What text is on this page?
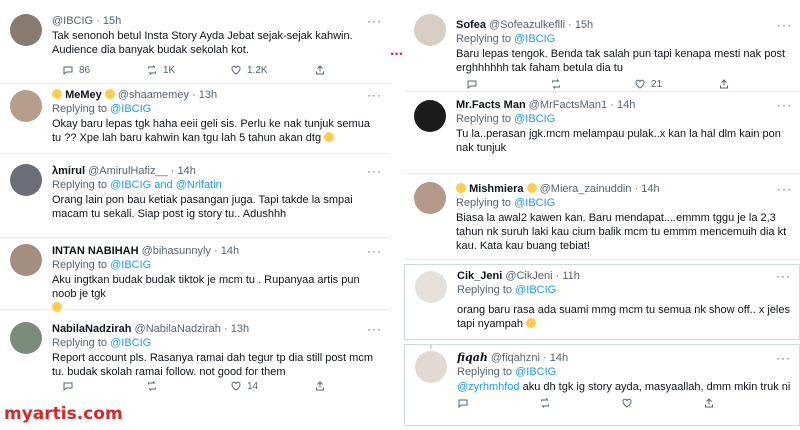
@IBCIG · 15h
Tak senonoh betul Insta Story Ayda Jebat sejak-sejak kahwin. Audience dia banyak budak sekolah kot.
···
86	1K	1.2K
MeMey @shaamemey · 13h
Replying to @IBCIG
Okay baru lepas tgk haha eeii geli sis. Perlu ke nak tunjuk semua tu ?? Xpe lah baru kahwin kan tgu lah 5 tahun akan dtg
···
λmirul @AmirulHafiz__ · 14h
Replying to @IBCIG and @Nrlfatin
Orang lain pon bau ketiak pasangan juga. Tapi takde la smpai macam tu sekali. Siap post ig story tu.. Adushhh
···
INTAN NABIHAH @bihasunnyly · 14h
Replying to @IBCIG
Aku ingtkan budak budak tiktok je mcm tu . Rupanyaa artis pun noob je tgk

···
NabilaNadzirah @NabilaNadzirah · 13h
Replying to @IBCIG
Report account pls. Rasanya ramai dah tegur tp dia still post mcm tu. budak skolah ramai follow. not good for them
···
14
···
Sofea @Sofeazulkeflli · 15h
Replying to @IBCIG
Baru lepas tengok. Benda tak salah pun tapi kenapa mesti nak post erghhhhhh tak faham betula dia tu
···
21
Mr.Facts Man @MrFactsMan1 · 14h
Replying to @IBCIG
Tu la..perasan jgk.mcm melampau pulak..x kan la hal dlm kain pon nak tunjuk
···
Mishmiera @Miera_zainuddin · 14h
Replying to @IBCIG
Biasa la awal2 kawen kan. Baru mendapat....emmm tggu je la 2,3 tahun nk suruh laki kau cium balik mcm tu emmm mencemuih dia kt kau. Kata kau buang tebiat!
···
Cik_Jeni @CikJeni · 11h
Replying to @IBCIG
orang baru rasa ada suami mmg mcm tu semua nk show off.. x jeles tapi nyampah
···
fiqah @fiqahzni · 14h
Replying to @IBCIG
@zyrhmhfod aku dh tgk ig story ayda, masyaallah, dmm mkin truk ni
···
myartis.com
